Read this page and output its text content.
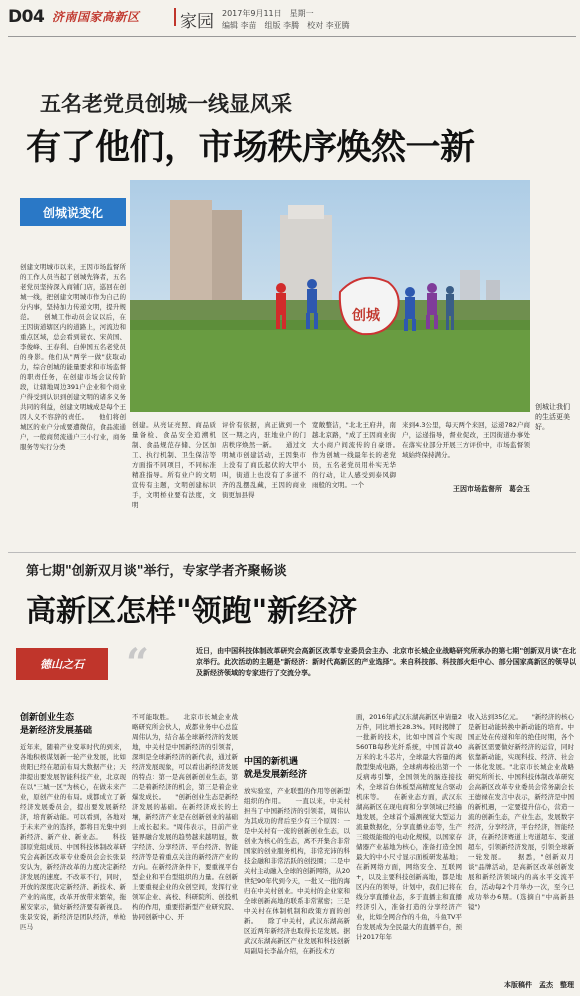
D04 济南国家高新区 家园 2017年9月11日　星期一
编辑 李苗　组版 李腾　校对 李亚腾
五名老党员创城一线显风采
有了他们，市场秩序焕然一新
创城说变化
创城
创城让我们的生活更美好。
创建文明城市以来，王因市场监督所的工作人员当起了创城先锋者，五名老党员坚持深入商铺门店，巡回在创城一线，把创建文明城市作为自己的分内事，坚持加力传递文明，提升规范。　　创城工作动员会议以后，在王因街道辖区内的道路上，河流边和重点区域，总会看到蓑衣、宋黄国、李俊峰、王春利、白伸国五名老党员的身影。他们从"两学一做"获取动力，综合创城的能量要求和市场监督的职责任务，在创建市场会议传阶段，让辖地周边391户企业和个商业户得受到认识到创建文明的诸多义务共同的利益，创建文明城成是每个王因人义不容辞的责任。　　他们将创城区的业户分成要遭微信，食品流通户，一般商贸流通户三小行业，商务服务等实行分类
创建。从亮证亮照、商品质量备检、食品安全追溯机制、食品规范存储、分区加工、执行机制、卫生保洁等方面指不同项目，不同标准精准指导。所有业户的文明宣传有主题，文明创建标识手，文明桥业要有法度，文明
评价有依据，真正做到一个区一期之内，驻地业户的门店秩序焕然一新。　　通过文明城市创建活动，王因集市上没有了商氐起伏的大甲小叫，街道上也没有了多道不齐的乱摆乱藏，王因的商业街更加县得
宽敞整洁，"北北王府井，南越北京路，"成了王因商业街大小商户间流传的自豪语。　　作为创城一线最年长的老党员，五名老党员用朴实无华的行动，让人感受到泰风御雨般的文明。一个
来到4.3公里，每天两个来回，运递782户商户，运递指导，督业促改，王因街道办事处在落实业部分开展三方评价中，市场监督领域始终保持满分。
王因市场监督所　葛会玉
第七期"创新双月谈"举行，专家学者齐聚畅谈
高新区怎样"领跑"新经济
德山之石	“	近日，由中国科技体制改革研究会高新区改革专业委员会主办、北京市长城企业战略研究所承办的第七期"创新双月谈"在北京举行。此次活动的主题是"新经济：新时代高新区的产业选择"。来自科技部、科技部火炬中心、部分国家高新区的领导以及新经济领域的专家进行了交流分享。
创新创业生态
是新经济发展基础
近年来，随着产业变革时代的到来，各地积极谋划新一轮产业发展，比如贵阳已经在超前布局大数据产业；天津提出要发展智能科技产业，北京现在以"三城一区"为核心，在做未来产业，原创产业的布局。成都成立了新经济发展委员会，提出要发展新经济，培育新动能。可以看到，各地对于未来产业的选择，都将目光集中到新经济、新产业、新业态。　　科技部原党组成员、中国科技体制改革研究会高新区改革专业委员会会长张景安认为，新经济改革的力度决定新经济发展的速度。不改革不行，同时，开放的深度决定新经济、新技术、新产业的高度，改革开放带来繁荣，拖累安家示，做好新经济要有新视良。张景安说，新经济是团队经济，单枪匹马
不可能取胜。　　北京市长城企业战略研究所会伙人，成都业务中心总监周伟认为，结合基全球新经济的发展地，中关村是中国新经济的引领者，深圳是全球新经济的新代表，通过新经济发展现象，可以看出新经济发展的特点：第一是高创新创业生态，第二是着新经济的机会，第三是着企业爆发成长。　　"创新创业生态是新经济发展的基础。在新经济成长的土壤，新经济产业是在创新创业的基础上成长起来。"周伟表示，目前产业链界融合发展的趋势越来越明显，数字经济、分享经济、平台经济、智能经济等是着重点关注的新经济产业的方向。在新经济条件下，要重视平台型企业和平台型组织的力量。在创新上要重视企业的众创空间，发挥行业领军企业、高校、科研院所、创投机构的作用，重要搭新型产业研究院、协同创新中心、开
中国的新机遇
就是发展新经济
放实验室，产业联盟的作用等创新型组织的作用。　　一直以来，中关村担当了中国新经济的引领者，周伟认为其成功的背后至少有三个原因：一是中关村有一流的创新创业生态，以创业为核心的生态，离不开集合非常国家的创业服务机构，非常充沛的科技金融和非常活跃的创投圈；二是中关村主动融入全球的创新网络，从20世纪90年代到今天，一批又一批的海归在中关村创业。中关村的企业家和全球创新高地的联系非常紧密；三是中关村在体制机制和政策方面的创新。　　除了中关村，武汉东湖高新区近两年新经济也取得长足发展。据武汉东湖高新区产业发展和科技创新局副局长李晶介绍，在新技术方
面，2016年武汉东湖高新区申请量2万件，同比增长28.3%。同时揭牌了一批新的技术，比如中国首个实现560TB每秒光纤系统，中国首款40万米的北斗芯片，全球最大容量的离散型集成电路，全球病毒检出第一个反病毒引擎，全国领先的脑连接技术，全球首台体板型高精度复合驱动机床等。　　在新业态方面，武汉东湖高新区在现电商和分享领域已经遍地发展，全球首个遥测视觉大型运力流量数据化，分享直播业态等，生产三级级能级的电动化规模，以国家存储器产业基地为核心，准备打造全国最大的中小尺寸显示面板研发基地；在新网络方面，网络安全、互联网+，以及主要科技创新高地，都是地区内在的领导，计划中，我们已将在线分享直播业态，多于直播主和直播经济引入，准备打造的分享经济产业，比如全网合作的斗鱼，斗鱼TV平台发展成为全民最大的直播平台，预计2017年年
收入达到35亿元。　　"新经济的核心是新旧动能转换中新动能的培育。中国正处在传递和年的绝佳时期，各个高新区需要做好新经济的运营，同时依靠新动能，实现科技、经济、社会一体化发展。"北京市长城企业战略研究所所长、中国科技体制改革研究会高新区改革专业委员会常务副会长王德禄在发言中表示，新经济是中国的新机遇，一定要提升信心，营造一流的创新生态，产业生态，发展数字经济，分享经济，平台经济，智能经济，在新经济赛道上弯道超车、变道超车，引领新经济发展，引领全球新一轮发展。　　据悉，"创新双月谈"品牌活动，是高新区改革创新发展和新经济领域内的高水平交流平台，活动每2个月举办一次，至今已成功举办6期。(选摘自"中高新县镜")
本版稿件　孟杰　整理
